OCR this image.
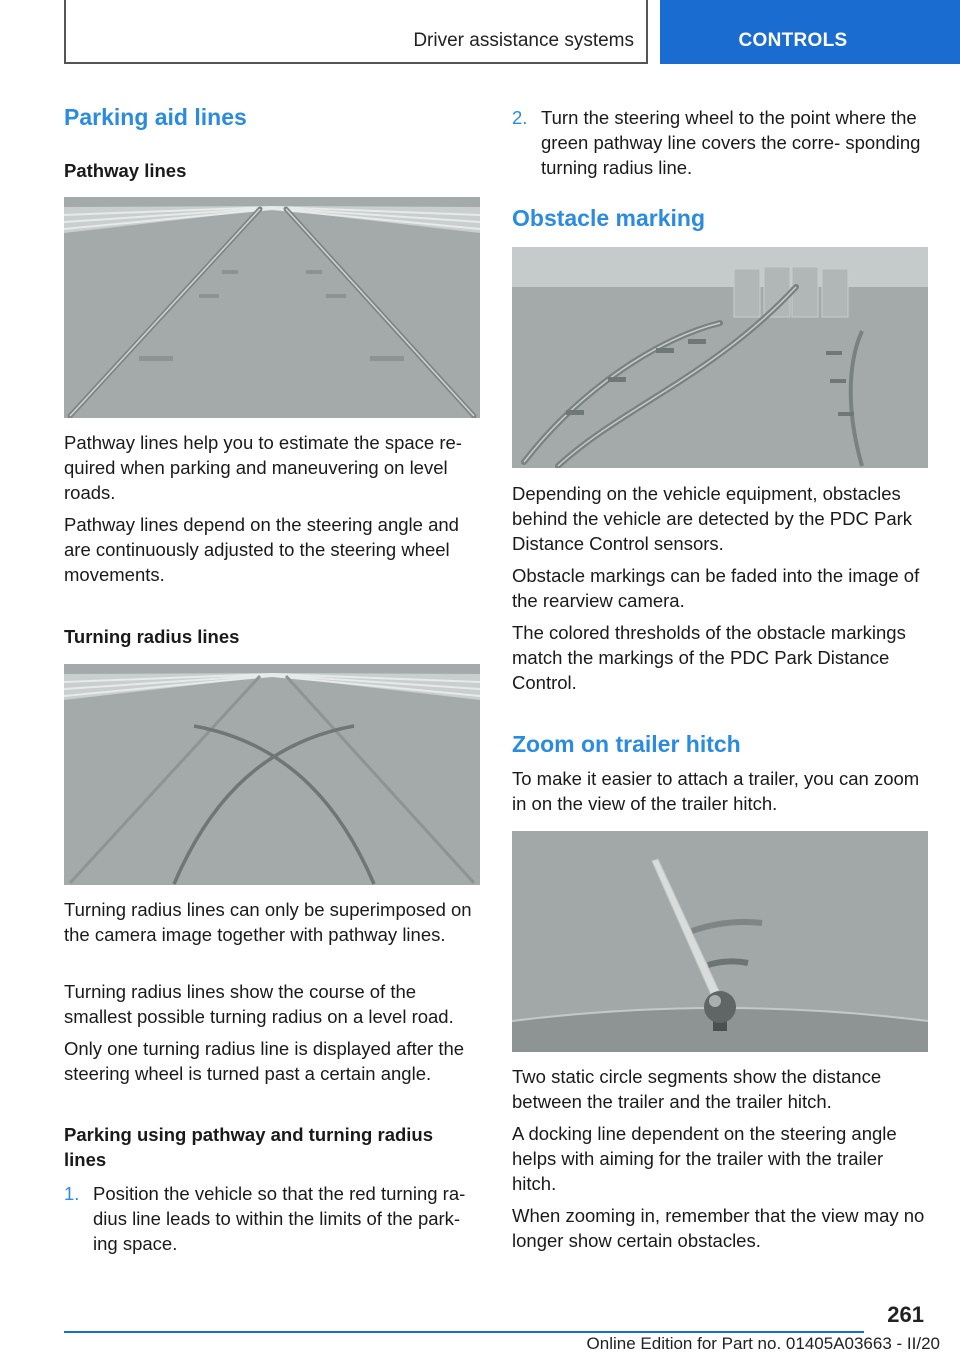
Driver assistance systems	CONTROLS
Parking aid lines
Pathway lines

Pathway lines help you to estimate the space re‐ quired when parking and maneuvering on level roads.

Pathway lines depend on the steering angle and are continuously adjusted to the steering wheel movements.

Turning radius lines

Turning radius lines can only be superimposed on the camera image together with pathway lines.

Turning radius lines show the course of the smallest possible turning radius on a level road.

Only one turning radius line is displayed after the steering wheel is turned past a certain angle.

Parking using pathway and turning radius lines
1. Position the vehicle so that the red turning ra‐ dius line leads to within the limits of the park‐ ing space.

2. Turn the steering wheel to the point where the green pathway line covers the corre‐ sponding turning radius line.

Obstacle marking

Depending on the vehicle equipment, obstacles behind the vehicle are detected by the PDC Park Distance Control sensors.

Obstacle markings can be faded into the image of the rearview camera.

The colored thresholds of the obstacle markings match the markings of the PDC Park Distance Control.

Zoom on trailer hitch

To make it easier to attach a trailer, you can zoom in on the view of the trailer hitch.

Two static circle segments show the distance between the trailer and the trailer hitch.

A docking line dependent on the steering angle helps with aiming for the trailer with the trailer hitch.

When zooming in, remember that the view may no longer show certain obstacles.

261
Online Edition for Part no. 01405A03663 - II/20
